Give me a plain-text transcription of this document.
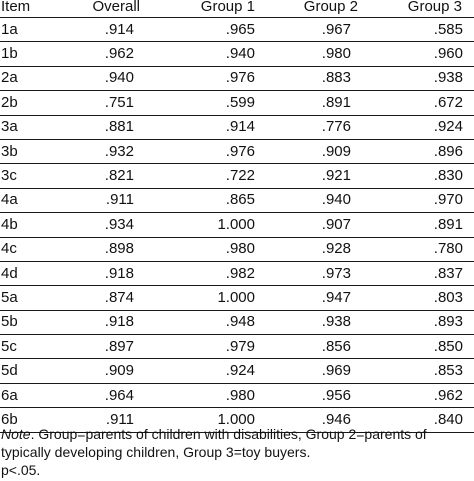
Item	Overall	Group 1	Group 2	Group 3
1a	.914	.965	.967	.585
1b	.962	.940	.980	.960
2a	.940	.976	.883	.938
2b	.751	.599	.891	.672
3a	.881	.914	.776	.924
3b	.932	.976	.909	.896
3c	.821	.722	.921	.830
4a	.911	.865	.940	.970
4b	.934	1.000	.907	.891
4c	.898	.980	.928	.780
4d	.918	.982	.973	.837
5a	.874	1.000	.947	.803
5b	.918	.948	.938	.893
5c	.897	.979	.856	.850
5d	.909	.924	.969	.853
6a	.964	.980	.956	.962
6b	.911	1.000	.946	.840

Note. Group=parents of children with disabilities, Group 2=parents of typically developing children, Group 3=toy buyers.

p<.05.
